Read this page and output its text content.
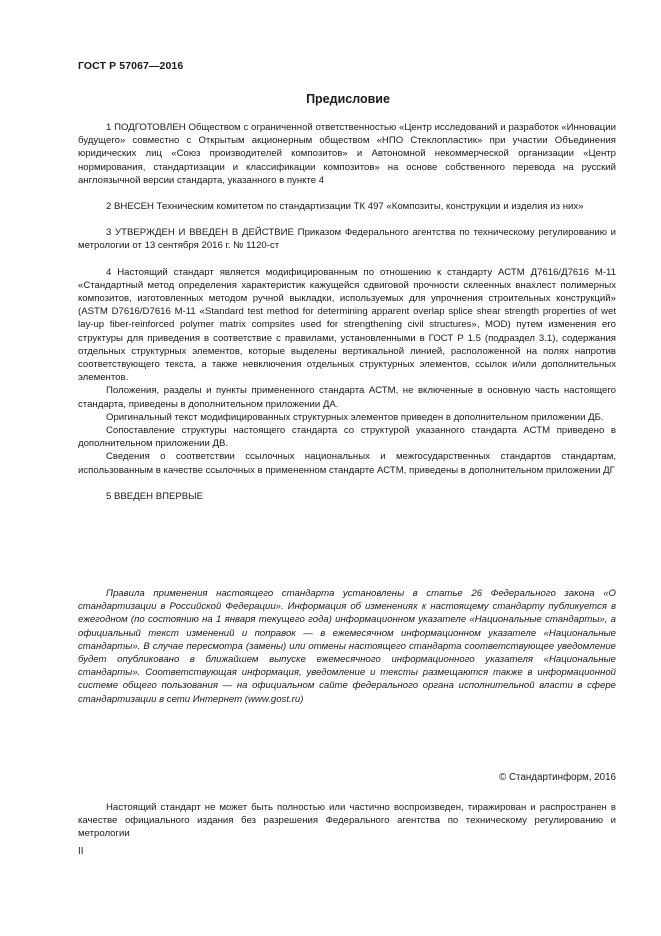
ГОСТ Р 57067—2016
Предисловие

1 ПОДГОТОВЛЕН Обществом с ограниченной ответственностью «Центр исследований и разработок «Инновации будущего» совместно с Открытым акционерным обществом «НПО Стеклопластик» при участии Объединения юридических лиц «Союз производителей композитов» и Автономной некоммерческой организации «Центр нормирования, стандартизации и классификации композитов» на основе собственного перевода на русский англоязычной версии стандарта, указанного в пункте 4

2 ВНЕСЕН Техническим комитетом по стандартизации ТК 497 «Композиты, конструкции и изделия из них»

3 УТВЕРЖДЕН И ВВЕДЕН В ДЕЙСТВИЕ Приказом Федерального агентства по техническому регулированию и метрологии от 13 сентября 2016 г. № 1120-ст

4 Настоящий стандарт является модифицированным по отношению к стандарту АСТМ Д7616/Д7616 М-11 «Стандартный метод определения характеристик кажущейся сдвиговой прочности склеенных внахлест полимерных композитов, изготовленных методом ручной выкладки, используемых для упрочнения строительных конструкций» (ASTM D7616/D7616 M-11 «Standard test method for determining apparent overlap splice shear strength properties of wet lay-up fiber-reinforced polymer matrix compsites used for strengthening civil structures», MOD) путем изменения его структуры для приведения в соответствие с правилами, установленными в ГОСТ Р 1.5 (подраздел 3.1), содержания отдельных структурных элементов, которые выделены вертикальной линией, расположенной на полях напротив соответствующего текста, а также невключения отдельных структурных элементов, ссылок и/или дополнительных элементов.

Положения, разделы и пункты примененного стандарта АСТМ, не включенные в основную часть настоящего стандарта, приведены в дополнительном приложении ДА.

Оригинальный текст модифицированных структурных элементов приведен в дополнительном приложении ДБ.

Сопоставление структуры настоящего стандарта со структурой указанного стандарта АСТМ приведено в дополнительном приложении ДВ.

Сведения о соответствии ссылочных национальных и межгосударственных стандартов стандартам, использованным в качестве ссылочных в примененном стандарте АСТМ, приведены в дополнительном приложении ДГ

5 ВВЕДЕН ВПЕРВЫЕ

Правила применения настоящего стандарта установлены в статье 26 Федерального закона «О стандартизации в Российской Федерации». Информация об изменениях к настоящему стандарту публикуется в ежегодном (по состоянию на 1 января текущего года) информационном указателе «Национальные стандарты», а официальный текст изменений и поправок — в ежемесячном информационном указателе «Национальные стандарты». В случае пересмотра (замены) или отмены настоящего стандарта соответствующее уведомление будет опубликовано в ближайшем выпуске ежемесячного информационного указателя «Национальные стандарты». Соответствующая информация, уведомление и тексты размещаются также в информационной системе общего пользования — на официальном сайте федерального органа исполнительной власти в сфере стандартизации в сети Интернет (www.gost.ru)

© Стандартинформ, 2016

Настоящий стандарт не может быть полностью или частично воспроизведен, тиражирован и распространен в качестве официального издания без разрешения Федерального агентства по техническому регулированию и метрологии

II
